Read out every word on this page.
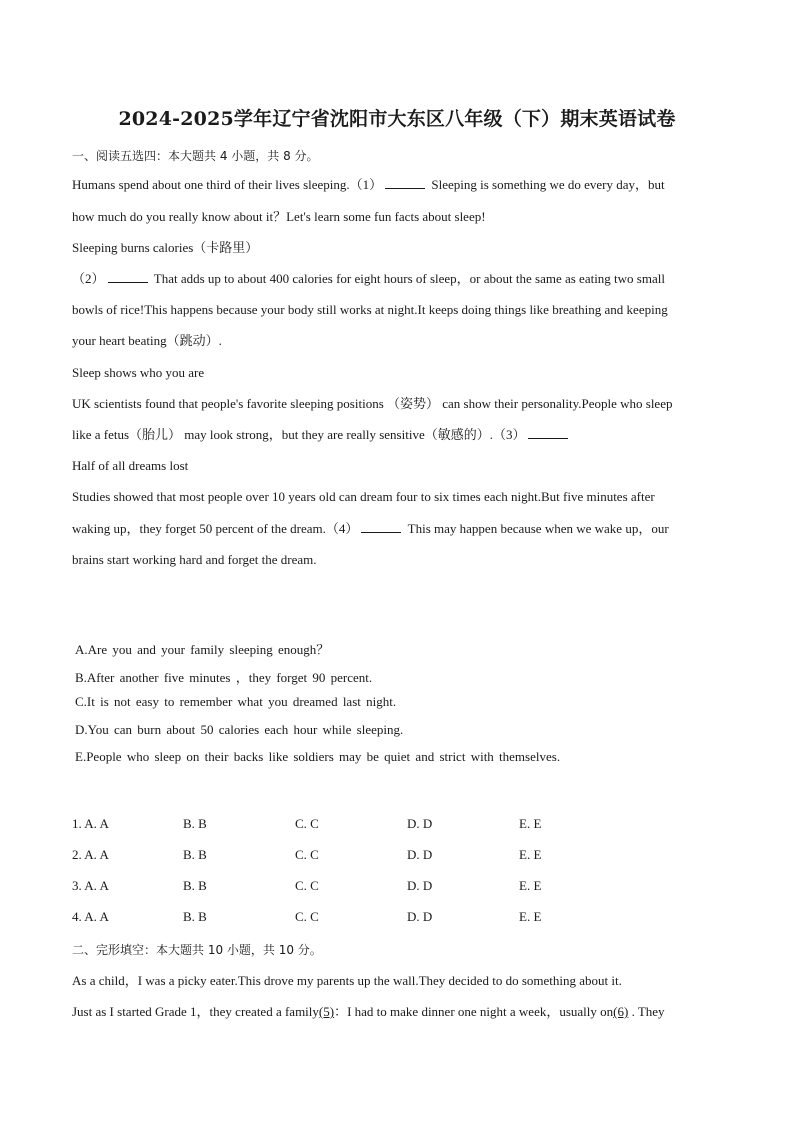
2024-2025学年辽宁省沈阳市大东区八年级（下）期末英语试卷
一、阅读五选四：本大题共 4 小题，共 8 分。
Humans spend about one third of their lives sleeping.（1）	Sleeping is something we do every day，but
how much do you really know about it？Let's learn some fun facts about sleep!
Sleeping burns calories（卡路里）
（2）	That adds up to about 400 calories for eight hours of sleep，or about the same as eating two small
bowls of rice!This happens because your body still works at night.It keeps doing things like breathing and keeping
your heart beating（跳动）.
Sleep shows who you are
UK scientists found that people's favorite sleeping positions （姿势） can show their personality.People who sleep
like a fetus（胎儿） may look strong，but they are really sensitive（敏感的）.（3）
Half of all dreams lost
Studies showed that most people over 10 years old can dream four to six times each night.But five minutes after
waking up，they forget 50 percent of the dream.（4）	This may happen because when we wake up，our
brains start working hard and forget the dream.
A.Are you and your family sleeping enough？
B.After another five minutes ，they forget 90 percent.
C.It is not easy to remember what you dreamed last night.
D.You can burn about 50 calories each hour while sleeping.
E.People who sleep on their backs like soldiers may be quiet and strict with themselves.
1. A. A	B. B	C. C	D. D	E. E
2. A. A	B. B	C. C	D. D	E. E
3. A. A	B. B	C. C	D. D	E. E
4. A. A	B. B	C. C	D. D	E. E
二、完形填空：本大题共 10 小题，共 10 分。
As a child，I was a picky eater.This drove my parents up the wall.They decided to do something about it.
Just as I started Grade 1，they created a family(5)：I had to make dinner one night a week，usually on(6) . They
